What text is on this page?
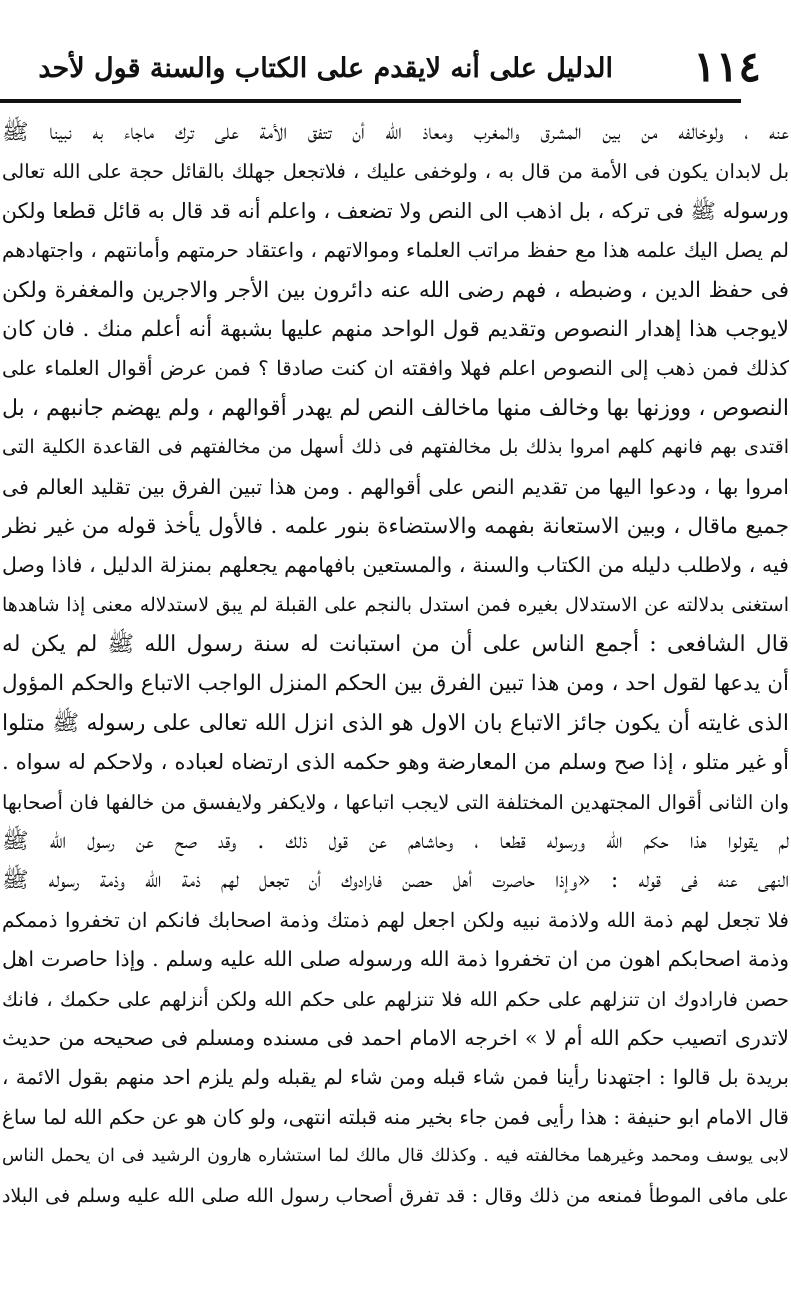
١١٤
الدليل على أنه لايقدم على الكتاب والسنة قول لأحد
عنه ، ولوخالفه من بين المشرق والمغرب ومعاذ الله أن تتفق الأمة على ترك ماجاء به نبينا ﷺ
بل لابدان يكون فى الأمة من قال به ، ولوخفى عليك ، فلاتجعل جهلك بالقائل حجة على الله تعالى
ورسوله ﷺ فى تركه ، بل اذهب الى النص ولا تضعف ، واعلم أنه قد قال به قائل قطعا ولكن
لم يصل اليك علمه هذا مع حفظ مراتب العلماء وموالاتهم ، واعتقاد حرمتهم وأمانتهم ، واجتهادهم
فى حفظ الدين ، وضبطه ، فهم رضى الله عنه دائرون بين الأجر والاجرين والمغفرة ولكن
لايوجب هذا إهدار النصوص وتقديم قول الواحد منهم عليها بشبهة أنه أعلم منك . فان كان
كذلك فمن ذهب إلى النصوص اعلم فهلا وافقته ان كنت صادقا ؟ فمن عرض أقوال العلماء على
النصوص ، ووزنها بها وخالف منها ماخالف النص لم يهدر أقوالهم ، ولم يهضم جانبهم ، بل
اقتدى بهم فانهم كلهم امروا بذلك بل مخالفتهم فى ذلك أسهل من مخالفتهم فى القاعدة الكلية التى
امروا بها ، ودعوا اليها من تقديم النص على أقوالهم . ومن هذا تبين الفرق بين تقليد العالم فى
جميع ماقال ، وبين الاستعانة بفهمه والاستضاءة بنور علمه . فالأول يأخذ قوله من غير نظر
فيه ، ولاطلب دليله من الكتاب والسنة ، والمستعين بافهامهم يجعلهم بمنزلة الدليل ، فاذا وصل
استغنى بدلالته عن الاستدلال بغيره فمن استدل بالنجم على القبلة لم يبق لاستدلاله معنى إذا شاهدها
قال الشافعى : أجمع الناس على أن من استبانت له سنة رسول الله ﷺ لم يكن له
أن يدعها لقول احد ، ومن هذا تبين الفرق بين الحكم المنزل الواجب الاتباع والحكم المؤول
الذى غايته أن يكون جائز الاتباع بان الاول هو الذى انزل الله تعالى على رسوله ﷺ متلوا
أو غير متلو ، إذا صح وسلم من المعارضة وهو حكمه الذى ارتضاه لعباده ، ولاحكم له سواه .
وان الثانى أقوال المجتهدين المختلفة التى لايجب اتباعها ، ولايكفر ولايفسق من خالفها فان أصحابها
لم يقولوا هذا حكم الله ورسوله قطعا ، وحاشاهم عن قول ذلك . وقد صح عن رسول الله ﷺ
النهى عنه فى قوله : «وإذا حاصرت أهل حصن فارادوك أن تجعل لهم ذمة الله وذمة رسوله ﷺ
فلا تجعل لهم ذمة الله ولاذمة نبيه ولكن اجعل لهم ذمتك وذمة اصحابك فانكم ان تخفروا ذممكم
وذمة اصحابكم اهون من ان تخفروا ذمة الله ورسوله صلى الله عليه وسلم . وإذا حاصرت اهل
حصن فارادوك ان تنزلهم على حكم الله فلا تنزلهم على حكم الله ولكن أنزلهم على حكمك ، فانك
لاتدرى اتصيب حكم الله أم لا » اخرجه الامام احمد فى مسنده ومسلم فى صحيحه من حديث
بريدة بل قالوا : اجتهدنا رأينا فمن شاء قبله ومن شاء لم يقبله ولم يلزم احد منهم بقول الائمة ،
قال الامام ابو حنيفة : هذا رأيى فمن جاء بخير منه قبلته انتهى، ولو كان هو عن حكم الله لما ساغ
لابى يوسف ومحمد وغيرهما مخالفته فيه . وكذلك قال مالك لما استشاره هارون الرشيد فى ان يحمل الناس
على مافى الموطأ فمنعه من ذلك وقال : قد تفرق أصحاب رسول الله صلى الله عليه وسلم فى البلاد
